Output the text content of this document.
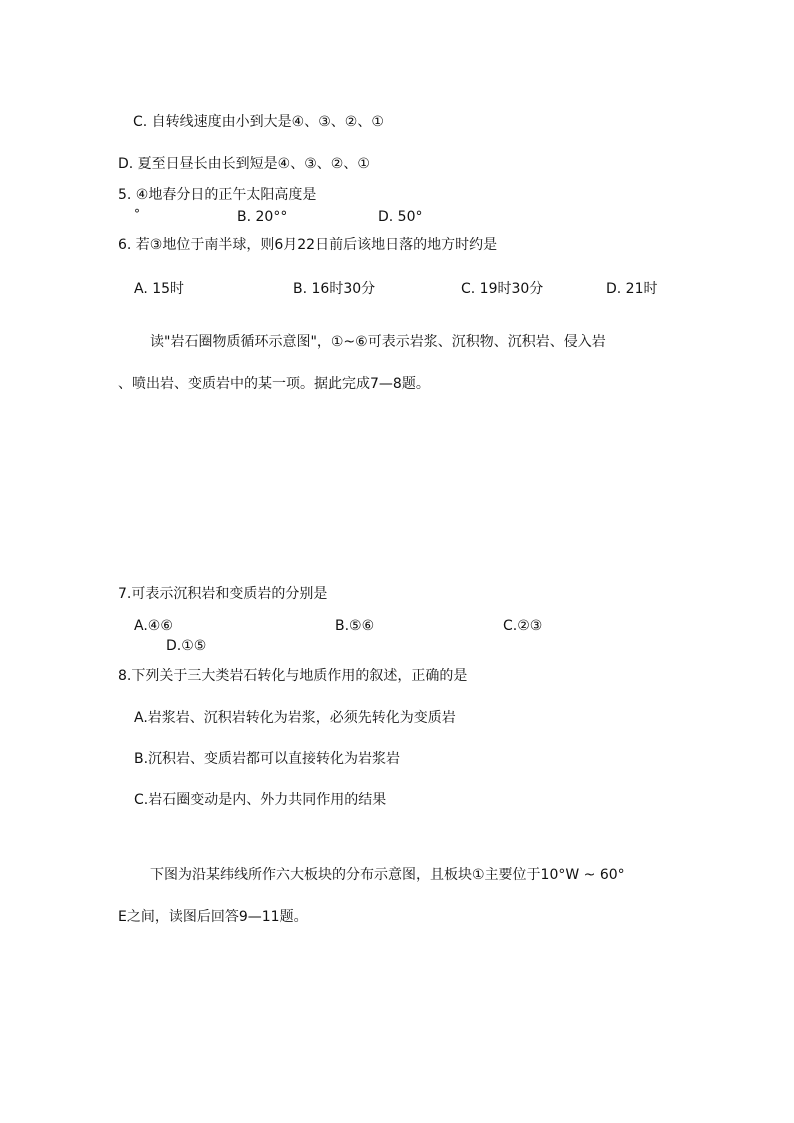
C. 自转线速度由小到大是④、③、②、①
D. 夏至日昼长由长到短是④、③、②、①
5. ④地春分日的正午太阳高度是
°	B. 20°°	D. 50°
6. 若③地位于南半球，则6月22日前后该地日落的地方时约是
A. 15时	B. 16时30分	C. 19时30分	D. 21时
读"岩石圈物质循环示意图"，①~⑥可表示岩浆、沉积物、沉积岩、侵入岩
、喷出岩、变质岩中的某一项。据此完成7—8题。
7.可表示沉积岩和变质岩的分别是
A.④⑥	B.⑤⑥	C.②③
D.①⑤
8.下列关于三大类岩石转化与地质作用的叙述，正确的是
A.岩浆岩、沉积岩转化为岩浆，必须先转化为变质岩
B.沉积岩、变质岩都可以直接转化为岩浆岩
C.岩石圈变动是内、外力共同作用的结果
下图为沿某纬线所作六大板块的分布示意图，且板块①主要位于10°W ~ 60°
E之间，读图后回答9—11题。
